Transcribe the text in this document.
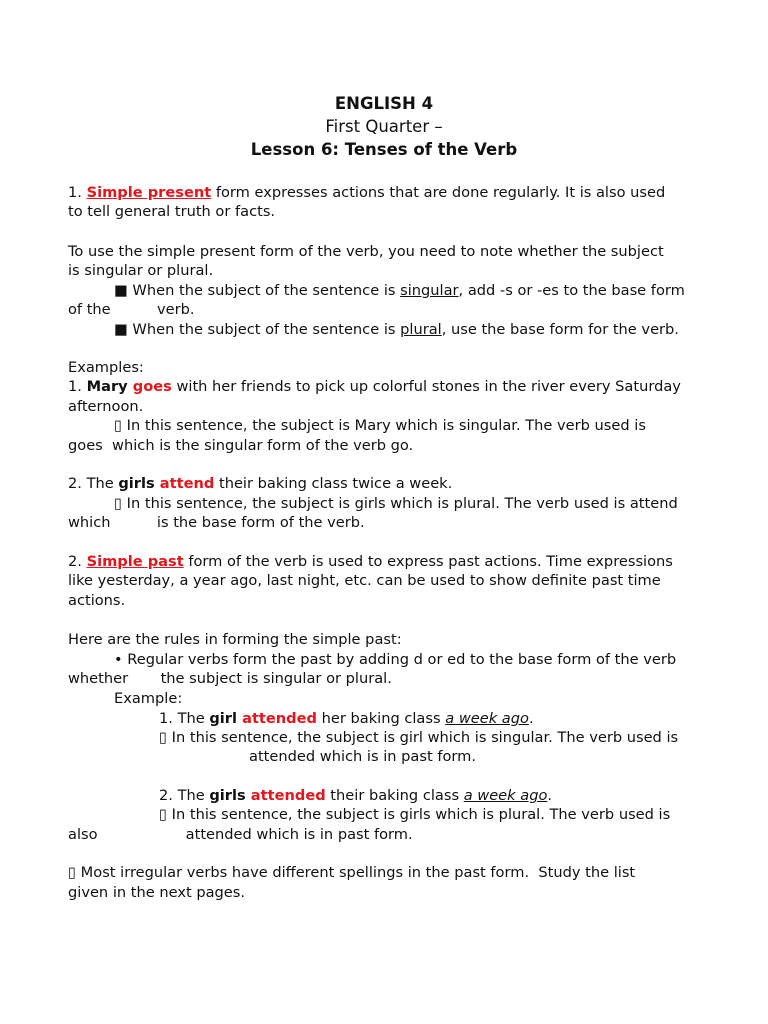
ENGLISH 4
First Quarter –
Lesson 6: Tenses of the Verb
1. Simple present form expresses actions that are done regularly. It is also used
to tell general truth or facts.
To use the simple present form of the verb, you need to note whether the subject
is singular or plural.
■ When the subject of the sentence is singular, add -s or -es to the base form
of the          verb.
■ When the subject of the sentence is plural, use the base form for the verb.
Examples:
1. Mary goes with her friends to pick up colorful stones in the river every Saturday
afternoon.
▯ In this sentence, the subject is Mary which is singular. The verb used is
goes  which is the singular form of the verb go.
2. The girls attend their baking class twice a week.
▯ In this sentence, the subject is girls which is plural. The verb used is attend
which          is the base form of the verb.
2. Simple past form of the verb is used to express past actions. Time expressions
like yesterday, a year ago, last night, etc. can be used to show definite past time
actions.
Here are the rules in forming the simple past:
• Regular verbs form the past by adding d or ed to the base form of the verb
whether       the subject is singular or plural.
Example:
1. The girl attended her baking class a week ago.
▯ In this sentence, the subject is girl which is singular. The verb used is
attended which is in past form.
2. The girls attended their baking class a week ago.
▯ In this sentence, the subject is girls which is plural. The verb used is
also                   attended which is in past form.
▯ Most irregular verbs have different spellings in the past form.  Study the list
given in the next pages.
